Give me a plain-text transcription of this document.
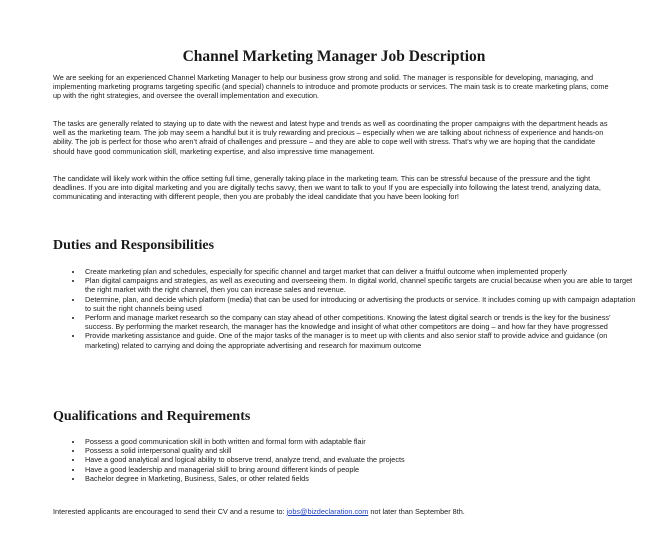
Channel Marketing Manager Job Description

We are seeking for an experienced Channel Marketing Manager to help our business grow strong and solid. The manager is responsible for developing, managing, and implementing marketing programs targeting specific (and special) channels to introduce and promote products or services. The main task is to create marketing plans, come up with the right strategies, and oversee the overall implementation and execution.

The tasks are generally related to staying up to date with the newest and latest hype and trends as well as coordinating the proper campaigns with the department heads as well as the marketing team. The job may seem a handful but it is truly rewarding and precious – especially when we are talking about richness of experience and hands-on ability. The job is perfect for those who aren’t afraid of challenges and pressure – and they are able to cope well with stress. That’s why we are hoping that the candidate should have good communication skill, marketing expertise, and also impressive time management.

The candidate will likely work within the office setting full time, generally taking place in the marketing team. This can be stressful because of the pressure and the tight deadlines. If you are into digital marketing and you are digitally techs savvy, then we want to talk to you! If you are especially into following the latest trend, analyzing data, communicating and interacting with different people, then you are probably the ideal candidate that you have been looking for!

Duties and Responsibilities
• Create marketing plan and schedules, especially for specific channel and target market that can deliver a fruitful outcome when implemented properly
• Plan digital campaigns and strategies, as well as executing and overseeing them. In digital world, channel specific targets are crucial because when you are able to target the right market with the right channel, then you can increase sales and revenue.
• Determine, plan, and decide which platform (media) that can be used for introducing or advertising the products or service. It includes coming up with campaign adaptation to suit the right channels being used
• Perform and manage market research so the company can stay ahead of other competitions. Knowing the latest digital search or trends is the key for the business’ success. By performing the market research, the manager has the knowledge and insight of what other competitors are doing – and how far they have progressed
• Provide marketing assistance and guide. One of the major tasks of the manager is to meet up with clients and also senior staff to provide advice and guidance (on marketing) related to carrying and doing the appropriate advertising and research for maximum outcome
Qualifications and Requirements
• Possess a good communication skill in both written and formal form with adaptable flair
• Possess a solid interpersonal quality and skill
• Have a good analytical and logical ability to observe trend, analyze trend, and evaluate the projects
• Have a good leadership and managerial skill to bring around different kinds of people
• Bachelor degree in Marketing, Business, Sales, or other related fields

Interested applicants are encouraged to send their CV and a resume to: jobs@bizdeclaration.com not later than September 8th.
